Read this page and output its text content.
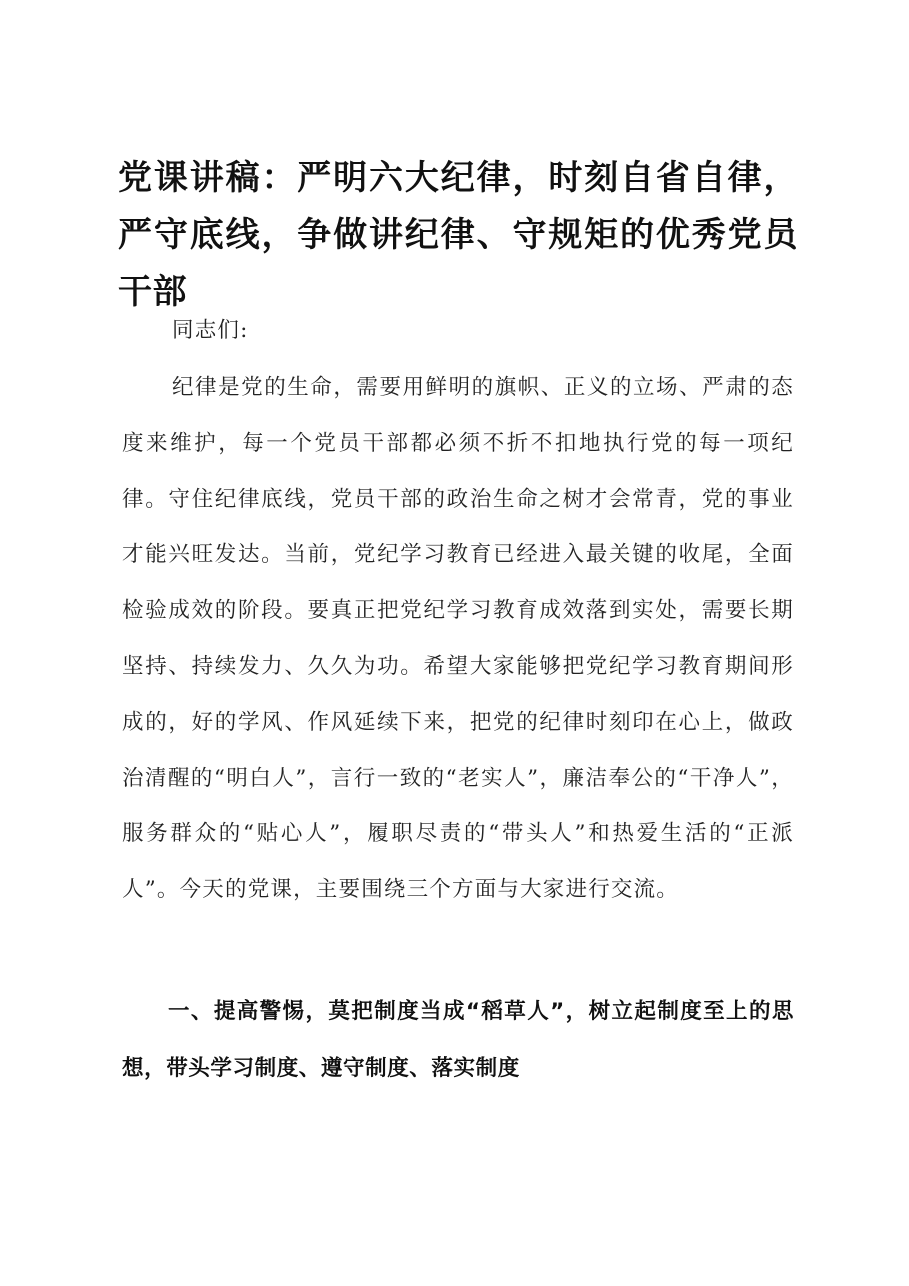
党课讲稿：严明六大纪律，时刻自省自律，严守底线，争做讲纪律、守规矩的优秀党员干部

同志们:

纪律是党的生命，需要用鲜明的旗帜、正义的立场、严肃的态度来维护，每一个党员干部都必须不折不扣地执行党的每一项纪律。守住纪律底线，党员干部的政治生命之树才会常青，党的事业才能兴旺发达。当前，党纪学习教育已经进入最关键的收尾，全面检验成效的阶段。要真正把党纪学习教育成效落到实处，需要长期坚持、持续发力、久久为功。希望大家能够把党纪学习教育期间形成的，好的学风、作风延续下来，把党的纪律时刻印在心上，做政治清醒的“明白人”，言行一致的“老实人”，廉洁奉公的“干净人”，服务群众的“贴心人”，履职尽责的“带头人”和热爱生活的“正派人”。今天的党课，主要围绕三个方面与大家进行交流。

一、提高警惕，莫把制度当成“稻草人”，树立起制度至上的思想，带头学习制度、遵守制度、落实制度
